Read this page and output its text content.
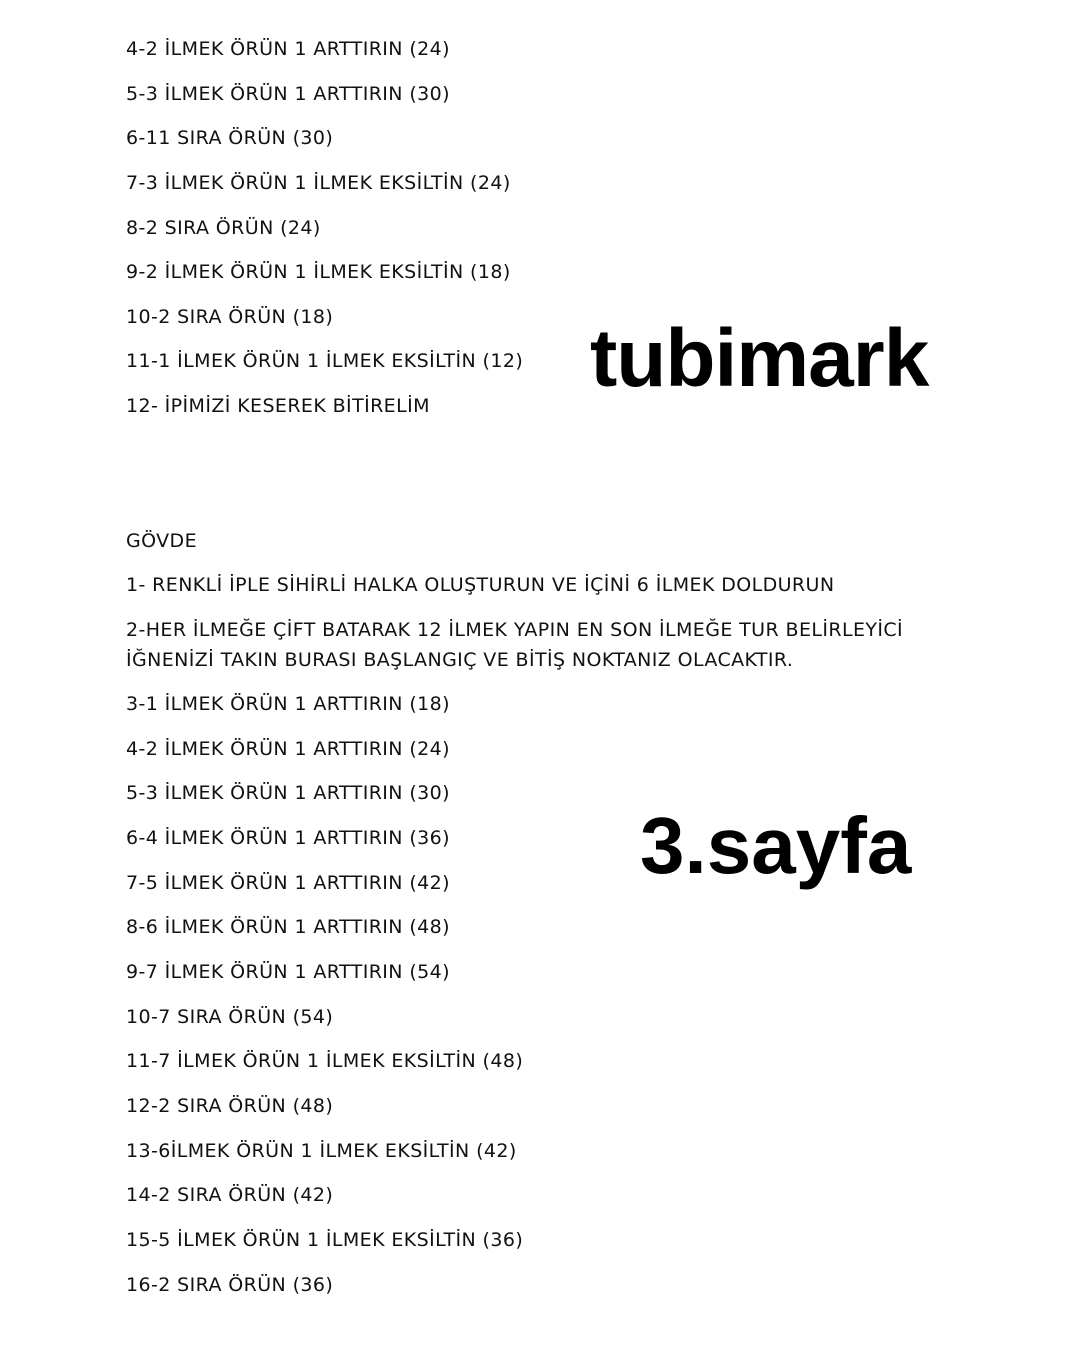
4-2 İLMEK ÖRÜN 1 ARTTIRIN (24)
5-3 İLMEK ÖRÜN 1 ARTTIRIN (30)
6-11 SIRA ÖRÜN (30)
7-3 İLMEK ÖRÜN 1 İLMEK EKSİLTİN (24)
8-2 SIRA ÖRÜN (24)
9-2 İLMEK ÖRÜN 1 İLMEK EKSİLTİN (18)
10-2 SIRA ÖRÜN (18)
11-1 İLMEK ÖRÜN 1 İLMEK EKSİLTİN (12)
12- İPİMİZİ KESEREK BİTİRELİM
GÖVDE
1- RENKLİ İPLE SİHİRLİ HALKA OLUŞTURUN VE İÇİNİ 6 İLMEK DOLDURUN
2-HER İLMEĞE ÇİFT BATARAK 12 İLMEK YAPIN EN SON İLMEĞE TUR BELİRLEYİCİ
İĞNENİZİ TAKIN BURASI BAŞLANGIÇ VE BİTİŞ NOKTANIZ OLACAKTIR.
3-1 İLMEK ÖRÜN 1 ARTTIRIN (18)
4-2 İLMEK ÖRÜN 1 ARTTIRIN (24)
5-3 İLMEK ÖRÜN 1 ARTTIRIN (30)
6-4 İLMEK ÖRÜN 1 ARTTIRIN (36)
7-5 İLMEK ÖRÜN 1 ARTTIRIN (42)
8-6 İLMEK ÖRÜN 1 ARTTIRIN (48)
9-7 İLMEK ÖRÜN 1 ARTTIRIN (54)
10-7 SIRA ÖRÜN (54)
11-7 İLMEK ÖRÜN 1 İLMEK EKSİLTİN (48)
12-2 SIRA ÖRÜN (48)
13-6İLMEK ÖRÜN 1 İLMEK EKSİLTİN (42)
14-2 SIRA ÖRÜN (42)
15-5 İLMEK ÖRÜN 1 İLMEK EKSİLTİN (36)
16-2 SIRA ÖRÜN (36)
tubimark
3.sayfa
